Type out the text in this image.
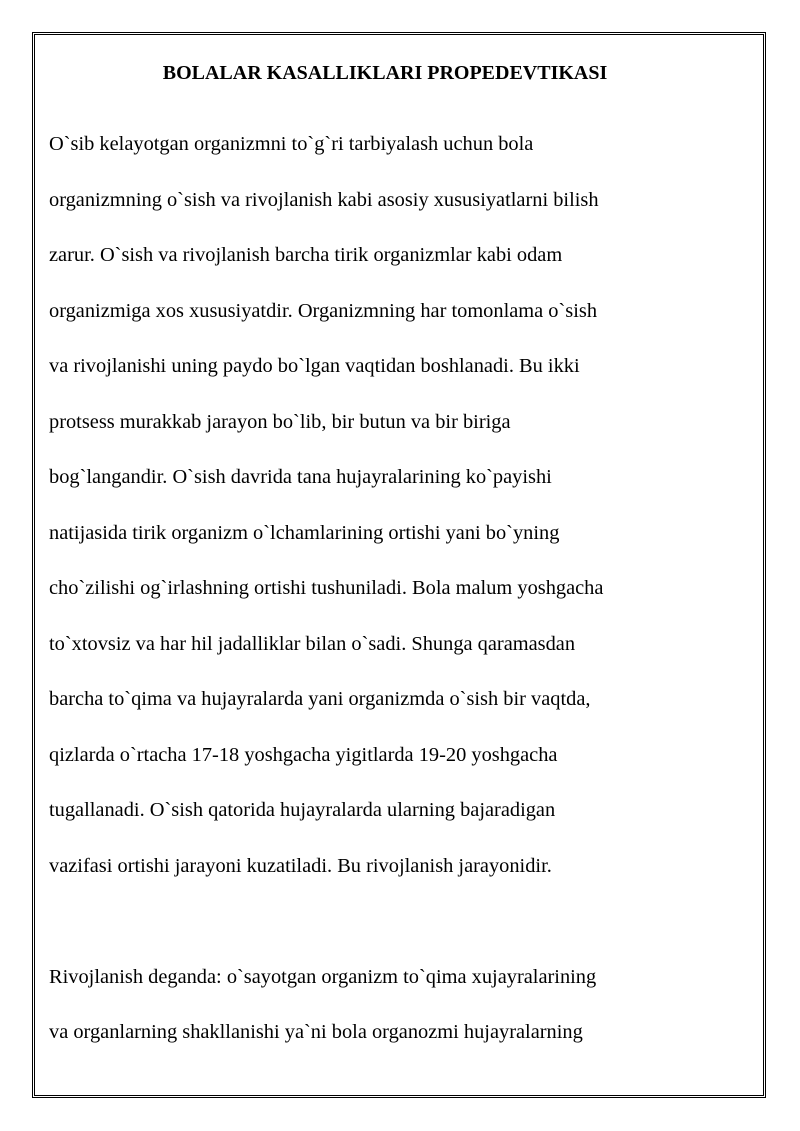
BOLALAR KASALLIKLARI PROPEDEVTIKASI
O`sib kelayotgan organizmni to`g`ri tarbiyalash uchun bola
organizmning o`sish va rivojlanish kabi asosiy xususiyatlarni bilish
zarur. O`sish va rivojlanish barcha tirik organizmlar kabi odam
organizmiga xos xususiyatdir. Organizmning har tomonlama o`sish
va rivojlanishi uning paydo bo`lgan vaqtidan boshlanadi. Bu ikki
protsess murakkab jarayon bo`lib, bir butun va bir biriga
bog`langandir. O`sish davrida tana hujayralarining ko`payishi
natijasida tirik organizm o`lchamlarining ortishi yani bo`yning
cho`zilishi og`irlashning ortishi tushuniladi. Bola malum yoshgacha
to`xtovsiz va har hil jadalliklar bilan o`sadi. Shunga qaramasdan
barcha to`qima va hujayralarda yani organizmda o`sish bir vaqtda,
qizlarda o`rtacha 17-18 yoshgacha yigitlarda 19-20 yoshgacha
tugallanadi. O`sish qatorida hujayralarda ularning bajaradigan
vazifasi ortishi jarayoni kuzatiladi. Bu rivojlanish jarayonidir.
Rivojlanish deganda: o`sayotgan organizm to`qima xujayralarining
va organlarning shakllanishi ya`ni bola organozmi hujayralarning
